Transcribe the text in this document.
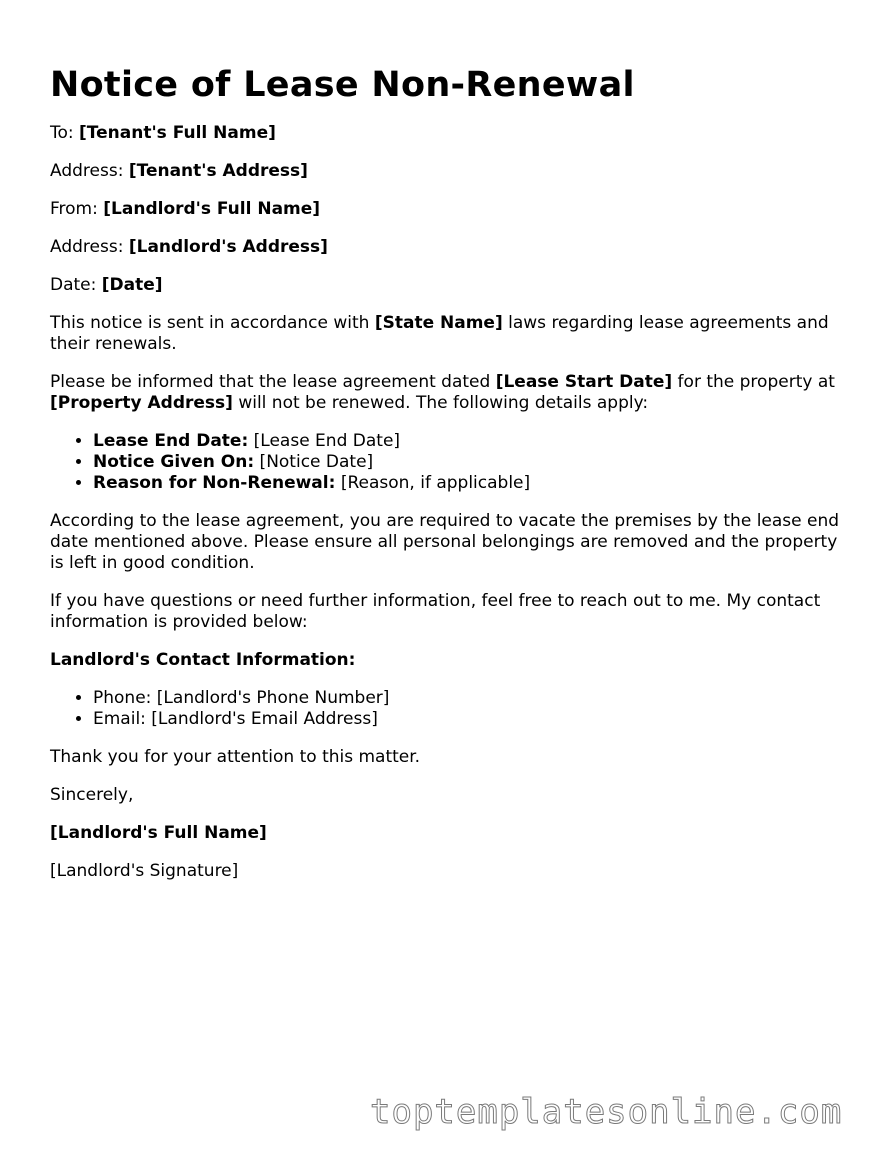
Notice of Lease Non-Renewal

To: [Tenant's Full Name]

Address: [Tenant's Address]

From: [Landlord's Full Name]

Address: [Landlord's Address]

Date: [Date]

This notice is sent in accordance with [State Name] laws regarding lease agreements and their renewals.

Please be informed that the lease agreement dated [Lease Start Date] for the property at [Property Address] will not be renewed. The following details apply:

• Lease End Date: [Lease End Date]
• Notice Given On: [Notice Date]
• Reason for Non-Renewal: [Reason, if applicable]

According to the lease agreement, you are required to vacate the premises by the lease end date mentioned above. Please ensure all personal belongings are removed and the property is left in good condition.

If you have questions or need further information, feel free to reach out to me. My contact information is provided below:

Landlord's Contact Information:

• Phone: [Landlord's Phone Number]
• Email: [Landlord's Email Address]

Thank you for your attention to this matter.

Sincerely,

[Landlord's Full Name]

[Landlord's Signature]

toptemplatesonline.com
